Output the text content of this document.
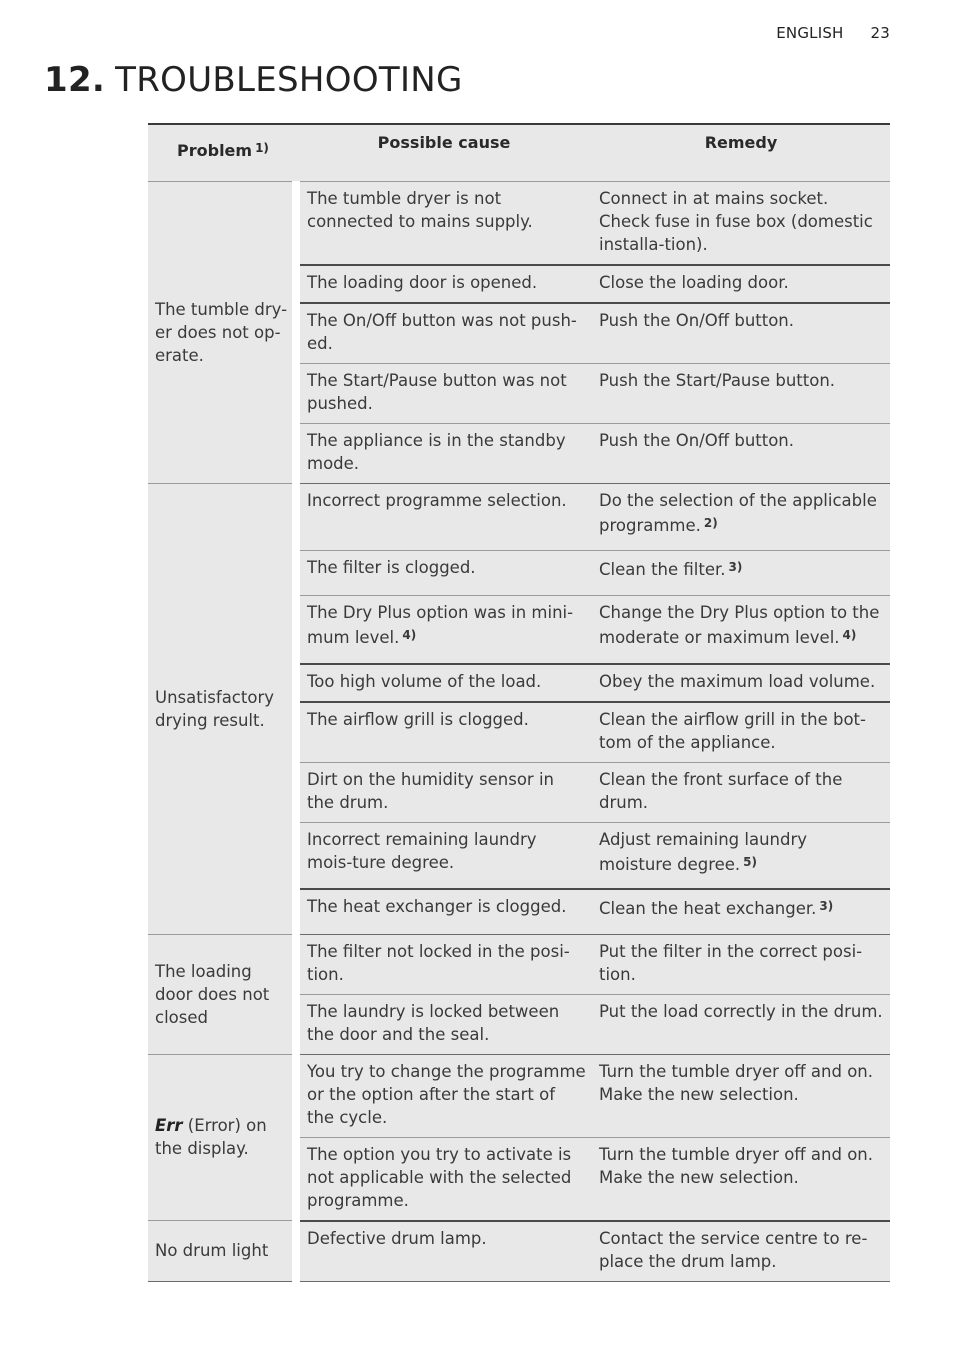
ENGLISH 23
12. TROUBLESHOOTING
Problem $^{1)}$	Possible cause	Remedy
The tumble dry-er does not op-erate.	The tumble dryer is not connected to mains supply.	Connect in at mains socket. Check fuse in fuse box (domestic installa-tion).
	The loading door is opened.	Close the loading door.
	The On/Off button was not push-ed.	Push the On/Off button.
	The Start/Pause button was not pushed.	Push the Start/Pause button.
	The appliance is in the standby mode.	Push the On/Off button.
Unsatisfactory drying result.	Incorrect programme selection.	Do the selection of the applicable programme. $^{2)}$
	The filter is clogged.	Clean the filter. $^{3)}$
	The Dry Plus option was in mini-mum level. $^{4)}$	Change the Dry Plus option to the moderate or maximum level. $^{4)}$
	Too high volume of the load.	Obey the maximum load volume.
	The airflow grill is clogged.	Clean the airflow grill in the bot-tom of the appliance.
	Dirt on the humidity sensor in the drum.	Clean the front surface of the drum.
	Incorrect remaining laundry mois-ture degree.	Adjust remaining laundry moisture degree. $^{5)}$
	The heat exchanger is clogged.	Clean the heat exchanger. $^{3)}$
The loading door does not closed	The filter not locked in the posi-tion.	Put the filter in the correct posi-tion.
	The laundry is locked between the door and the seal.	Put the load correctly in the drum.
Err (Error) on the display.	You try to change the programme or the option after the start of the cycle.	Turn the tumble dryer off and on. Make the new selection.
	The option you try to activate is not applicable with the selected programme.	Turn the tumble dryer off and on. Make the new selection.
No drum light	Defective drum lamp.	Contact the service centre to re-place the drum lamp.
